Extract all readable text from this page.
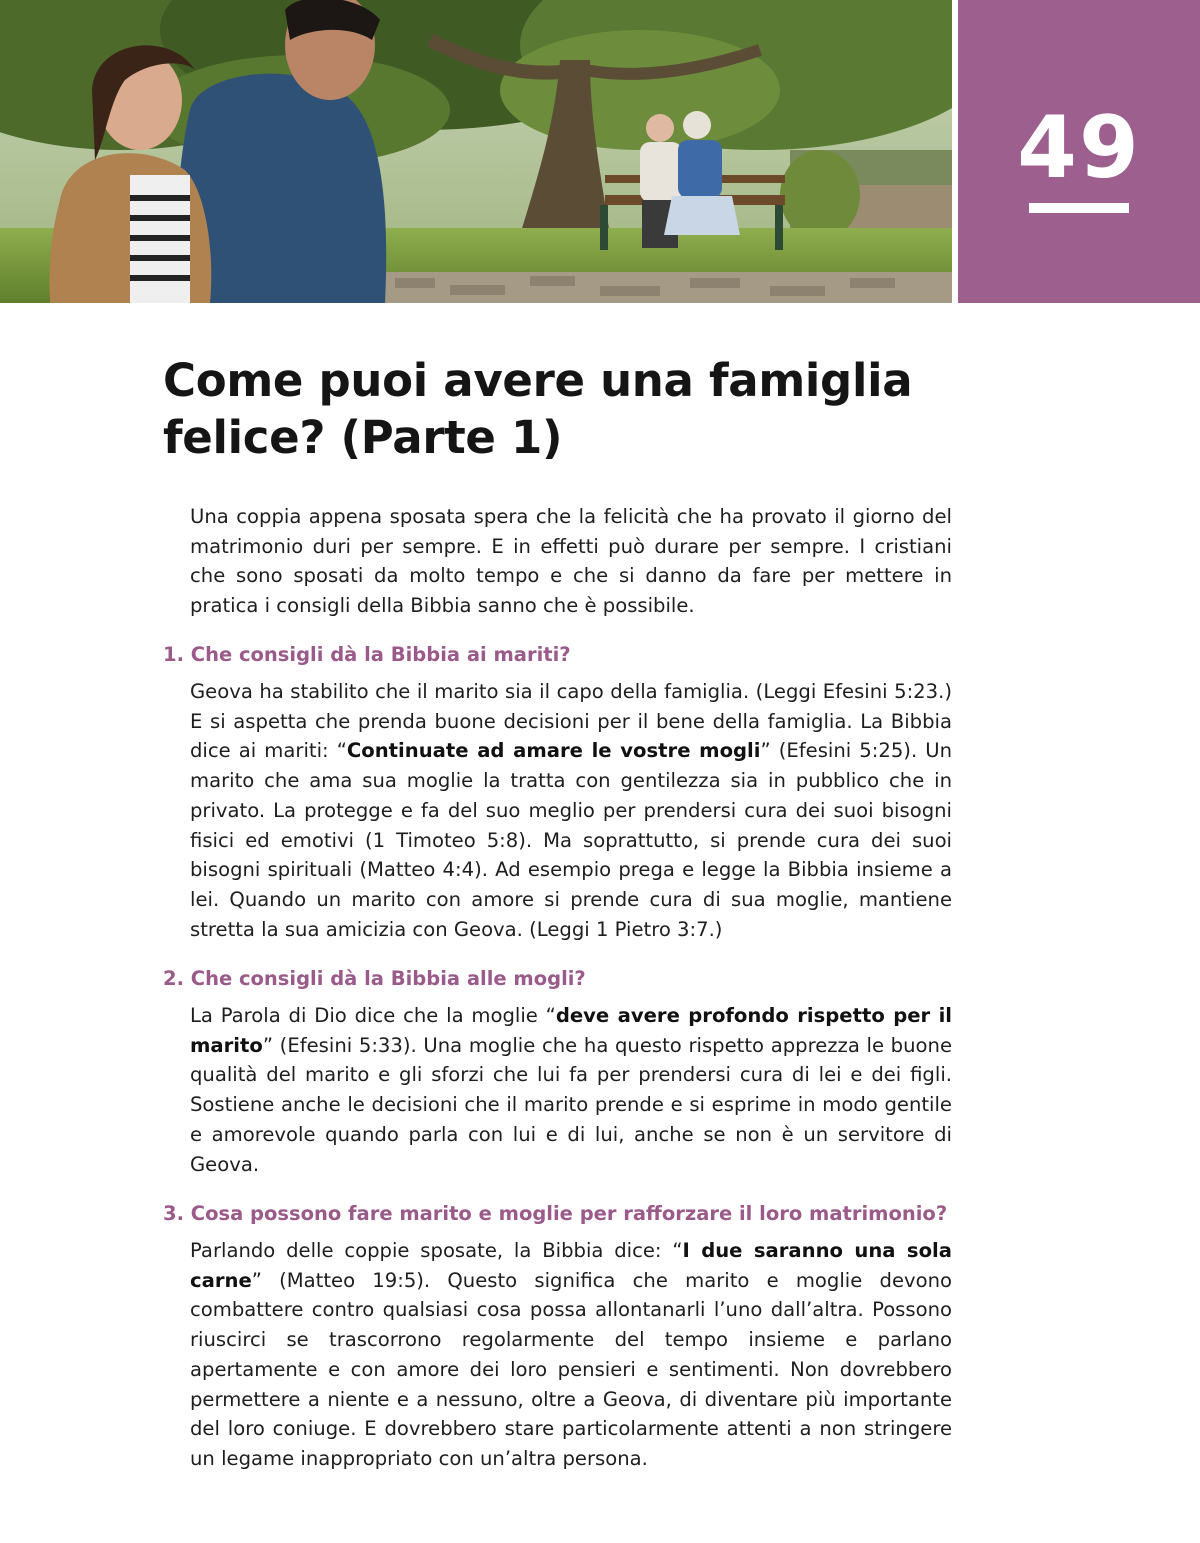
49
Come puoi avere una famiglia felice? (Parte 1)

Una coppia appena sposata spera che la felicità che ha provato il giorno del matrimonio duri per sempre. E in effetti può durare per sempre. I cristiani che sono sposati da molto tempo e che si danno da fare per mettere in pratica i consigli della Bibbia sanno che è possibile.

1. Che consigli dà la Bibbia ai mariti?

Geova ha stabilito che il marito sia il capo della famiglia. (Leggi Efesini 5:23.) E si aspetta che prenda buone decisioni per il bene della famiglia. La Bibbia dice ai mariti: “Continuate ad amare le vostre mogli” (Efesini 5:25). Un marito che ama sua moglie la tratta con gentilezza sia in pubblico che in privato. La protegge e fa del suo meglio per prendersi cura dei suoi bisogni fisici ed emotivi (1 Timoteo 5:8). Ma soprattutto, si prende cura dei suoi bisogni spirituali (Matteo 4:4). Ad esempio prega e legge la Bibbia insieme a lei. Quando un marito con amore si prende cura di sua moglie, mantiene stretta la sua amicizia con Geova. (Leggi 1 Pietro 3:7.)

2. Che consigli dà la Bibbia alle mogli?

La Parola di Dio dice che la moglie “deve avere profondo rispetto per il marito” (Efesini 5:33). Una moglie che ha questo rispetto apprezza le buone qualità del marito e gli sforzi che lui fa per prendersi cura di lei e dei figli. Sostiene anche le decisioni che il marito prende e si esprime in modo gentile e amorevole quando parla con lui e di lui, anche se non è un servitore di Geova.

3. Cosa possono fare marito e moglie per rafforzare il loro matrimonio?

Parlando delle coppie sposate, la Bibbia dice: “I due saranno una sola carne” (Matteo 19:5). Questo significa che marito e moglie devono combattere contro qualsiasi cosa possa allontanarli l’uno dall’altra. Possono riuscirci se trascorrono regolarmente del tempo insieme e parlano apertamente e con amore dei loro pensieri e sentimenti. Non dovrebbero permettere a niente e a nessuno, oltre a Geova, di diventare più importante del loro coniuge. E dovrebbero stare particolarmente attenti a non stringere un legame inappropriato con un’altra persona.
